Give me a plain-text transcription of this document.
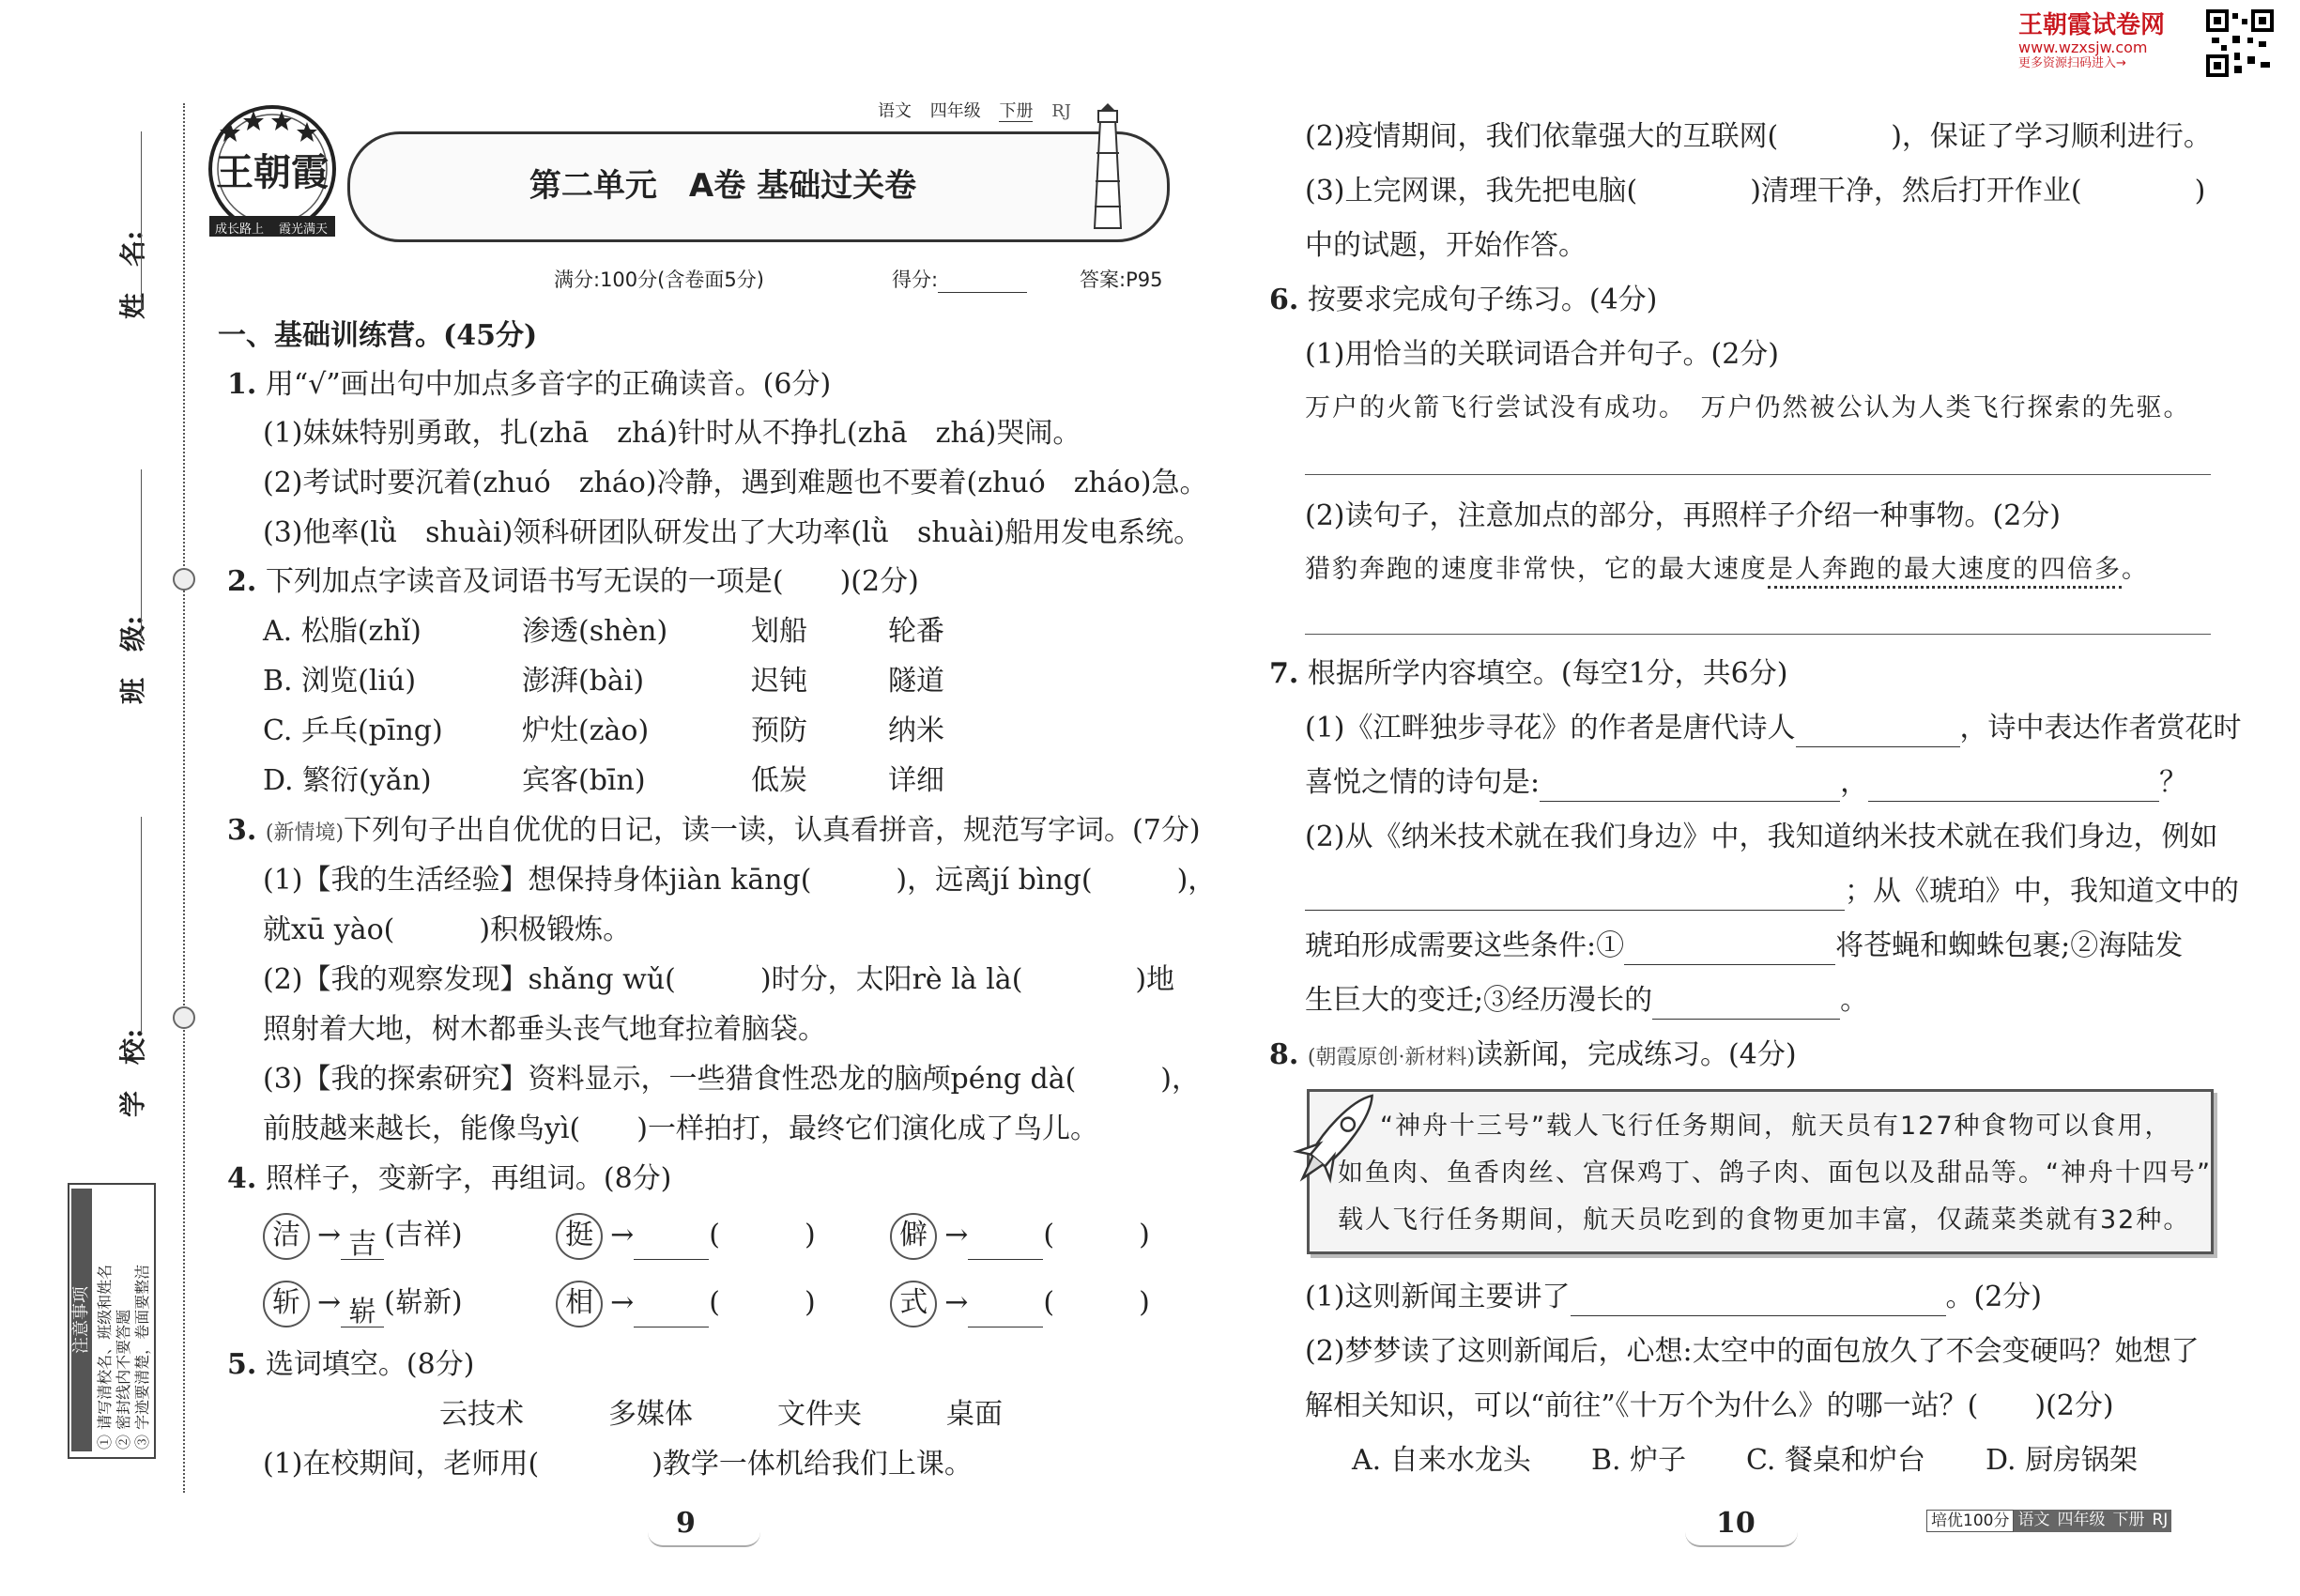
王朝霞试卷网
www.wzxsjw.com
更多资源扫码进入→
姓　名:
班　级:
学　校:
注意事项 ① 请写清校名、班级和姓名 ② 密封线内不要答题 ③ 字迹要清楚，卷面要整洁
王朝霞
成长路上 霞光满天
语文 四年级 下册 RJ
第二单元　A卷 基础过关卷
满分:100分(含卷面5分)	得分:	答案:P95
一、基础训练营。(45分)
1. 用“√”画出句中加点多音字的正确读音。(6分)
(1)妹妹特别勇敢，扎(zhā　zhá)针时从不挣扎(zhā　zhá)哭闹。
(2)考试时要沉着(zhuó　zháo)冷静，遇到难题也不要着(zhuó　zháo)急。
(3)他率(lǜ　shuài)领科研团队研发出了大功率(lǜ　shuài)船用发电系统。
2. 下列加点字读音及词语书写无误的一项是(　　)(2分)
A. 松脂(zhǐ)	渗透(shèn)	划船	轮番
B. 浏览(liú)	澎湃(bài)	迟钝	隧道
C. 乒乓(pīng)	炉灶(zào)	预防	纳米
D. 繁衍(yǎn)	宾客(bīn)	低炭	详细
3. (新情境)下列句子出自优优的日记，读一读，认真看拼音，规范写字词。(7分)
(1)【我的生活经验】想保持身体jiàn kāng(　　　)，远离jí bìng(　　　)，
就xū yào(　　　)积极锻炼。
(2)【我的观察发现】shǎng wǔ(　　　)时分，太阳rè là là(　　　　)地
照射着大地，树木都垂头丧气地耷拉着脑袋。
(3)【我的探索研究】资料显示，一些猎食性恐龙的脑颅péng dà(　　　)，
前肢越来越长，能像鸟yì(　　)一样拍打，最终它们演化成了鸟儿。
4. 照样子，变新字，再组词。(8分)
洁 → 吉 (吉祥)	挺 →	(　　　)	僻 →	(　　　)
斩 → 崭 (崭新)	相 →	(　　　)	式 →	(　　　)
5. 选词填空。(8分)
云技术	多媒体	文件夹	桌面
(1)在校期间，老师用(　　　　)教学一体机给我们上课。
9
(2)疫情期间，我们依靠强大的互联网(　　　　)，保证了学习顺利进行。
(3)上完网课，我先把电脑(　　　　)清理干净，然后打开作业(　　　　)
中的试题，开始作答。
6. 按要求完成句子练习。(4分)
(1)用恰当的关联词语合并句子。(2分)
万户的火箭飞行尝试没有成功。　万户仍然被公认为人类飞行探索的先驱。
(2)读句子，注意加点的部分，再照样子介绍一种事物。(2分)
猎豹奔跑的速度非常快，它的最大速度是人奔跑的最大速度的四倍多。
7. 根据所学内容填空。(每空1分，共6分)
(1)《江畔独步寻花》的作者是唐代诗人	，诗中表达作者赏花时
喜悦之情的诗句是:	，	？
(2)从《纳米技术就在我们身边》中，我知道纳米技术就在我们身边，例如
；从《琥珀》中，我知道文中的
琥珀形成需要这些条件:①	将苍蝇和蜘蛛包裹;②海陆发
生巨大的变迁;③经历漫长的	。
8. (朝霞原创·新材料)读新闻，完成练习。(4分)
“神舟十三号”载人飞行任务期间，航天员有127种食物可以食用，
如鱼肉、鱼香肉丝、宫保鸡丁、鸽子肉、面包以及甜品等。“神舟十四号”
载人飞行任务期间，航天员吃到的食物更加丰富，仅蔬菜类就有32种。
(1)这则新闻主要讲了	。(2分)
(2)梦梦读了这则新闻后，心想:太空中的面包放久了不会变硬吗？她想了
解相关知识，可以“前往”《十万个为什么》的哪一站？(　　)(2分)
A. 自来水龙头 B. 炉子 C. 餐桌和炉台 D. 厨房锅架
10	培优100分 语文 四年级 下册 RJ
